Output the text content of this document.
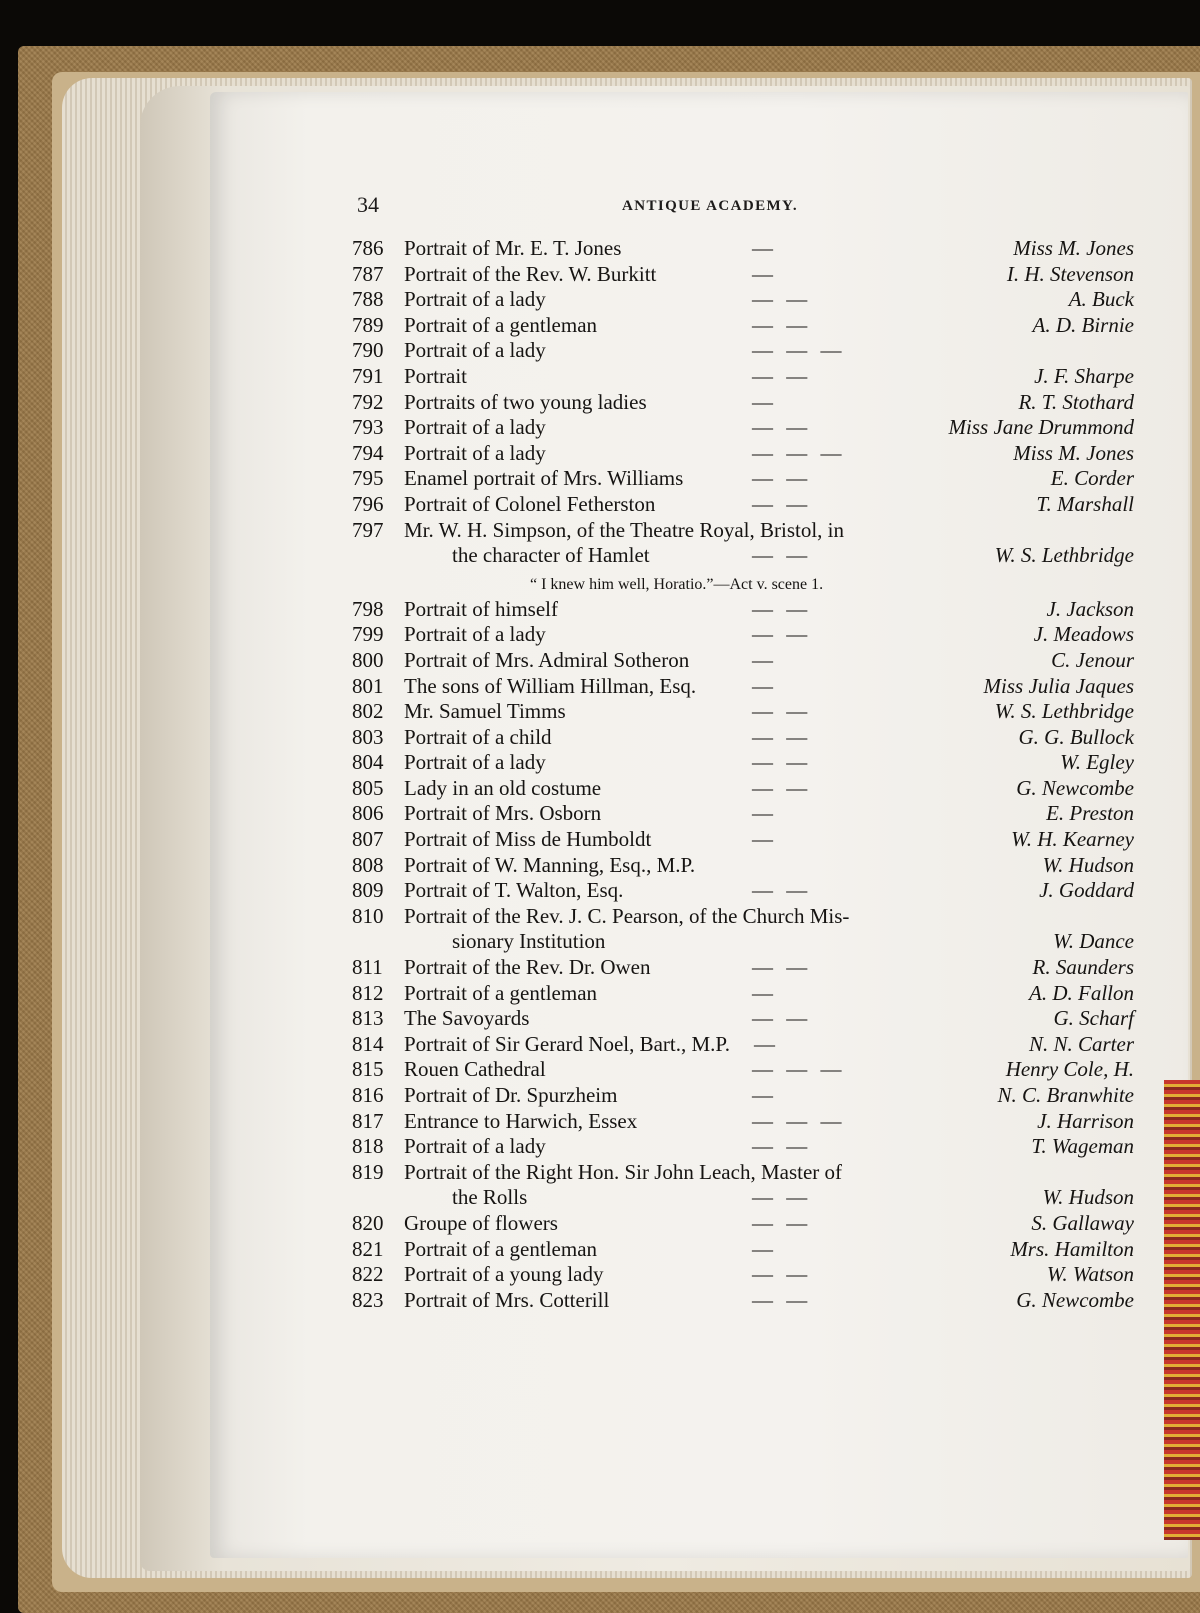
34	ANTIQUE ACADEMY.
786 Portrait of Mr. E. T. Jones	—	Miss M. Jones
787 Portrait of the Rev. W. Burkitt	—	I. H. Stevenson
788 Portrait of a lady	— —	A. Buck
789 Portrait of a gentleman	— —	A. D. Birnie
790 Portrait of a lady	— — —
791 Portrait	— —	J. F. Sharpe
792 Portraits of two young ladies	—	R. T. Stothard
793 Portrait of a lady	— —	Miss Jane Drummond
794 Portrait of a lady	— — —	Miss M. Jones
795 Enamel portrait of Mrs. Williams	— —	E. Corder
796 Portrait of Colonel Fetherston	— —	T. Marshall
797 Mr. W. H. Simpson, of the Theatre Royal, Bristol, in
the character of Hamlet	— —	W. S. Lethbridge
“ I knew him well, Horatio.”—Act v. scene 1.
798 Portrait of himself	— —	J. Jackson
799 Portrait of a lady	— —	J. Meadows
800 Portrait of Mrs. Admiral Sotheron	—	C. Jenour
801 The sons of William Hillman, Esq.	—	Miss Julia Jaques
802 Mr. Samuel Timms	— —	W. S. Lethbridge
803 Portrait of a child	— —	G. G. Bullock
804 Portrait of a lady	— —	W. Egley
805 Lady in an old costume	— —	G. Newcombe
806 Portrait of Mrs. Osborn	—	E. Preston
807 Portrait of Miss de Humboldt	—	W. H. Kearney
808 Portrait of W. Manning, Esq., M.P.	W. Hudson
809 Portrait of T. Walton, Esq.	— —	J. Goddard
810 Portrait of the Rev. J. C. Pearson, of the Church Mis-
sionary Institution	W. Dance
811 Portrait of the Rev. Dr. Owen	— —	R. Saunders
812 Portrait of a gentleman	—	A. D. Fallon
813 The Savoyards	— —	G. Scharf
814 Portrait of Sir Gerard Noel, Bart., M.P. —	N. N. Carter
815 Rouen Cathedral	— — —	Henry Cole, H.
816 Portrait of Dr. Spurzheim	—	N. C. Branwhite
817 Entrance to Harwich, Essex	— — —	J. Harrison
818 Portrait of a lady	— —	T. Wageman
819 Portrait of the Right Hon. Sir John Leach, Master of
the Rolls	— —	W. Hudson
820 Groupe of flowers	— —	S. Gallaway
821 Portrait of a gentleman	—	Mrs. Hamilton
822 Portrait of a young lady	— —	W. Watson
823 Portrait of Mrs. Cotterill	— —	G. Newcombe
